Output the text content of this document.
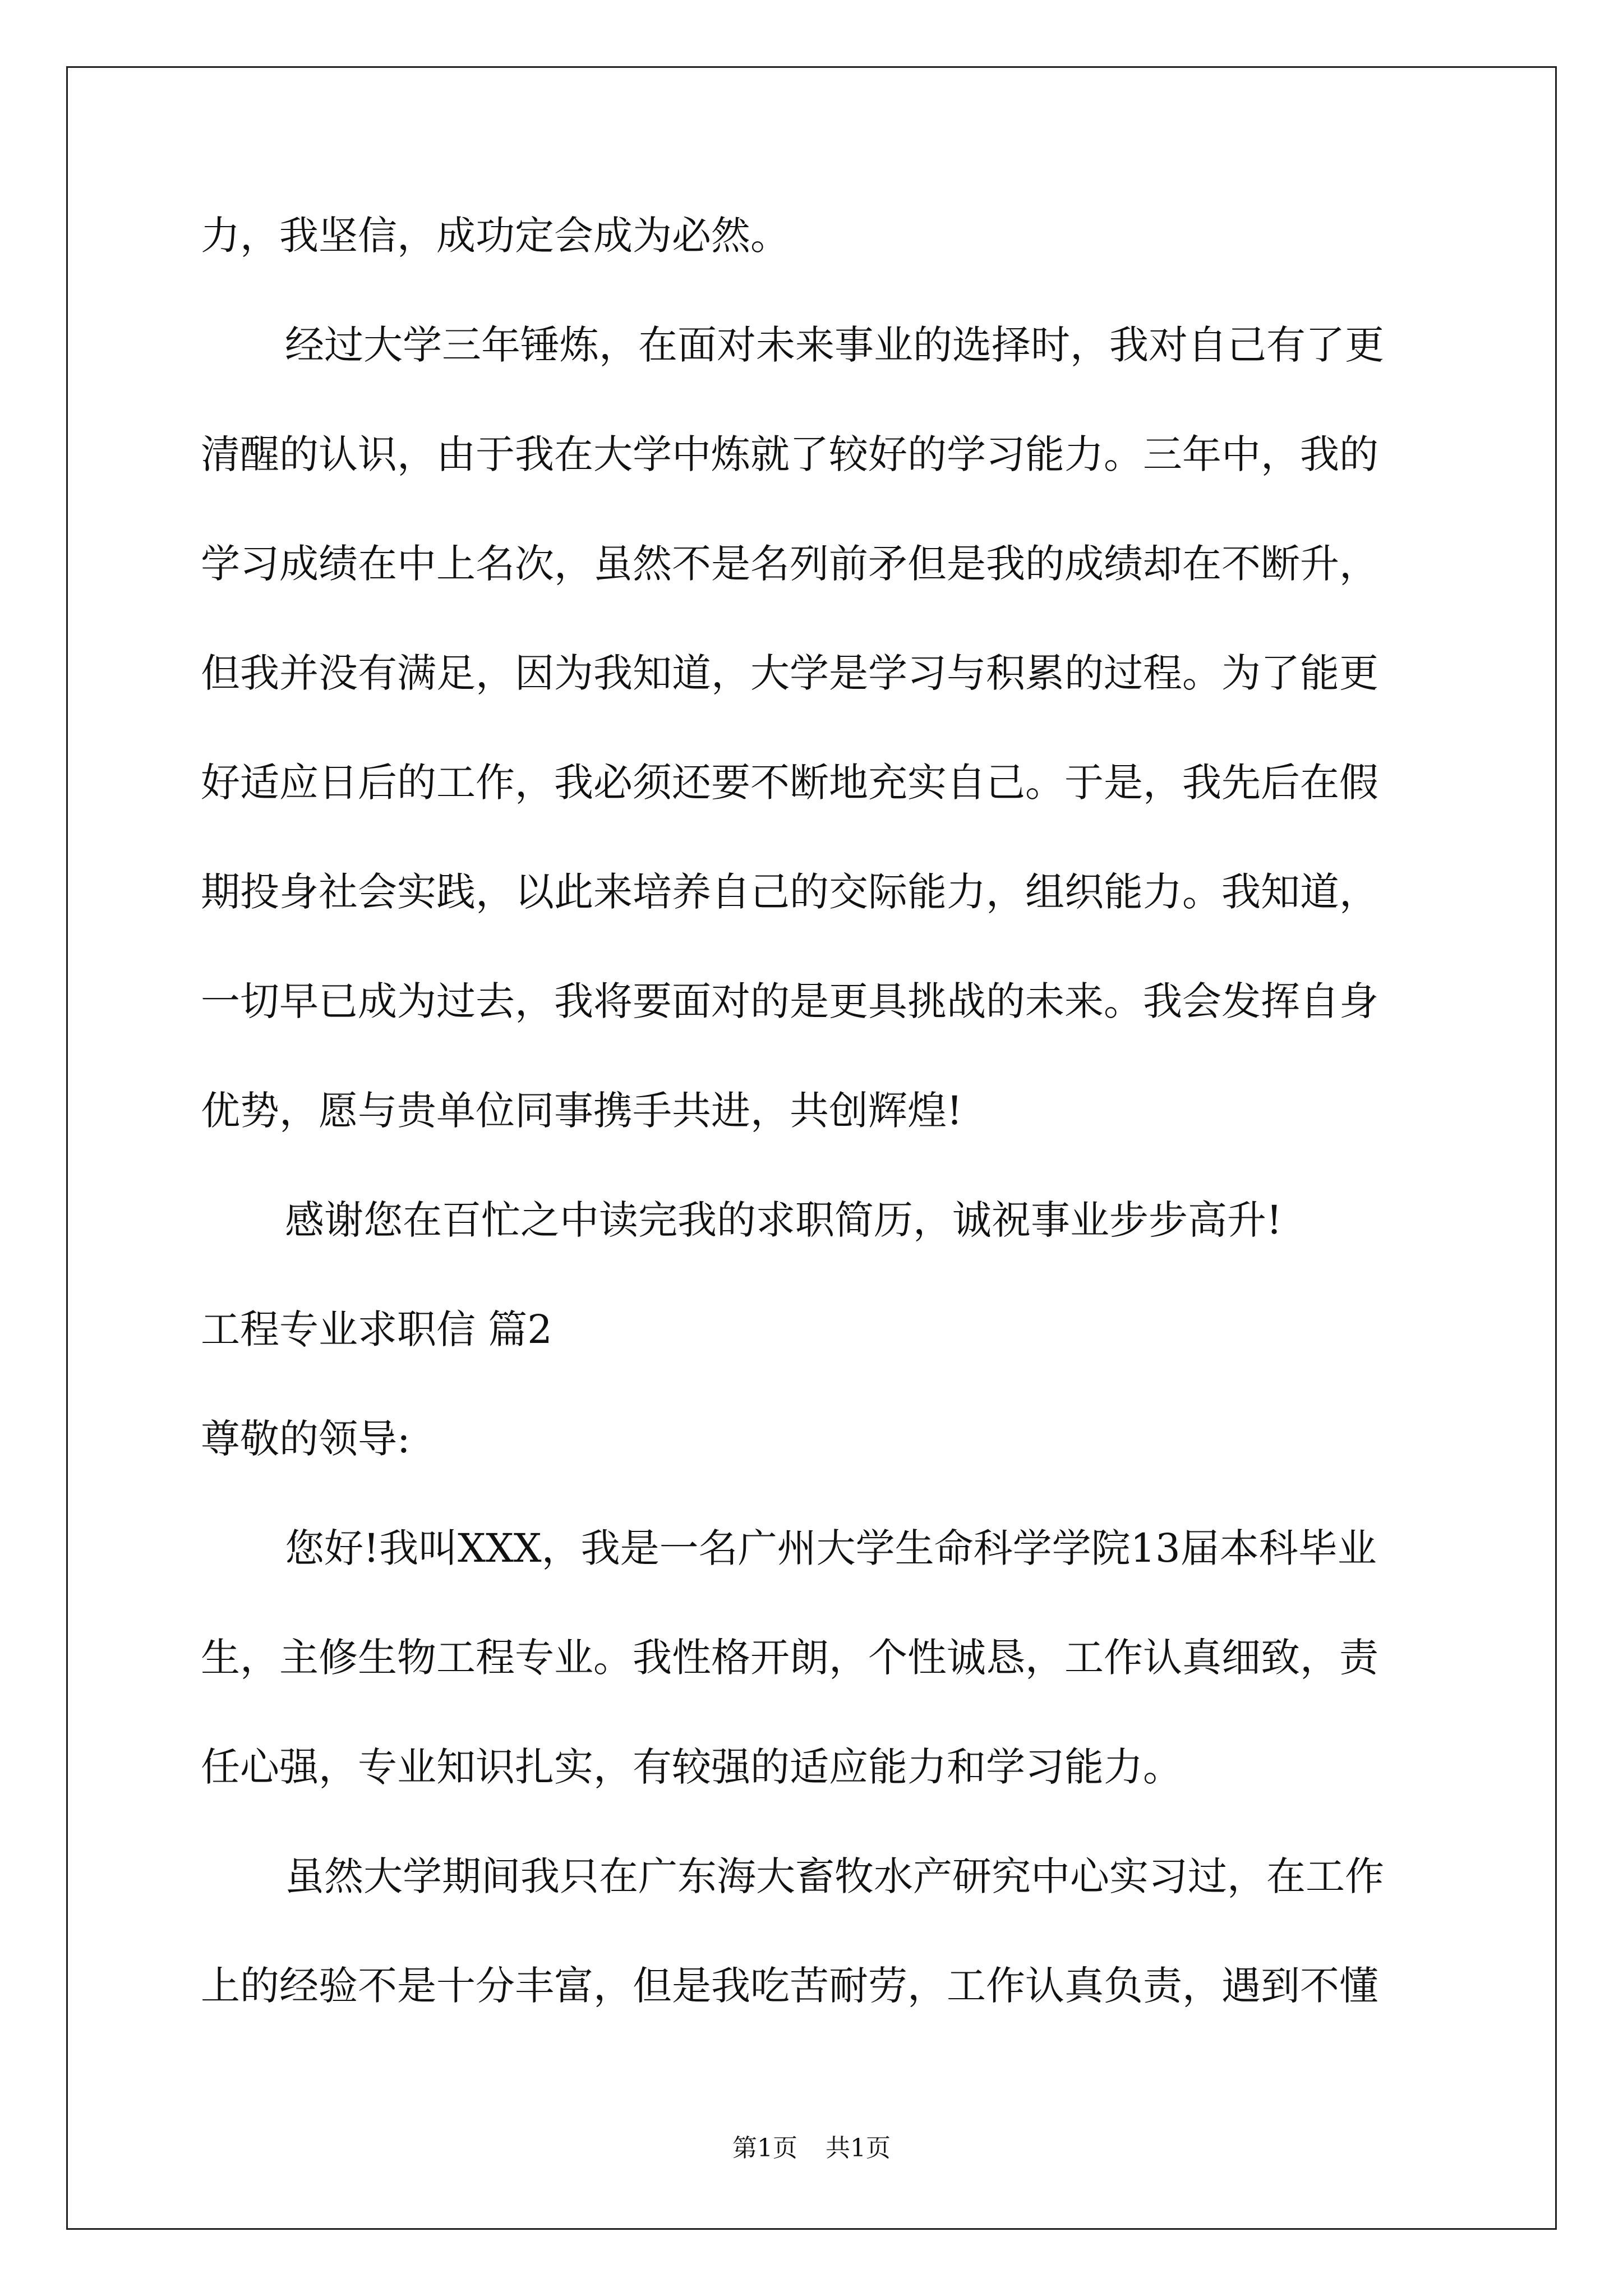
力，我坚信，成功定会成为必然。
经过大学三年锤炼，在面对未来事业的选择时，我对自己有了更
清醒的认识，由于我在大学中炼就了较好的学习能力。三年中，我的
学习成绩在中上名次，虽然不是名列前矛但是我的成绩却在不断升，
但我并没有满足，因为我知道，大学是学习与积累的过程。为了能更
好适应日后的工作，我必须还要不断地充实自己。于是，我先后在假
期投身社会实践，以此来培养自己的交际能力，组织能力。我知道，
一切早已成为过去，我将要面对的是更具挑战的未来。我会发挥自身
优势，愿与贵单位同事携手共进，共创辉煌!
感谢您在百忙之中读完我的求职简历，诚祝事业步步高升!
工程专业求职信 篇2
尊敬的领导:
您好!我叫XXX，我是一名广州大学生命科学学院13届本科毕业
生，主修生物工程专业。我性格开朗，个性诚恳，工作认真细致，责
任心强，专业知识扎实，有较强的适应能力和学习能力。
虽然大学期间我只在广东海大畜牧水产研究中心实习过，在工作
上的经验不是十分丰富，但是我吃苦耐劳，工作认真负责，遇到不懂
第1页 共1页
